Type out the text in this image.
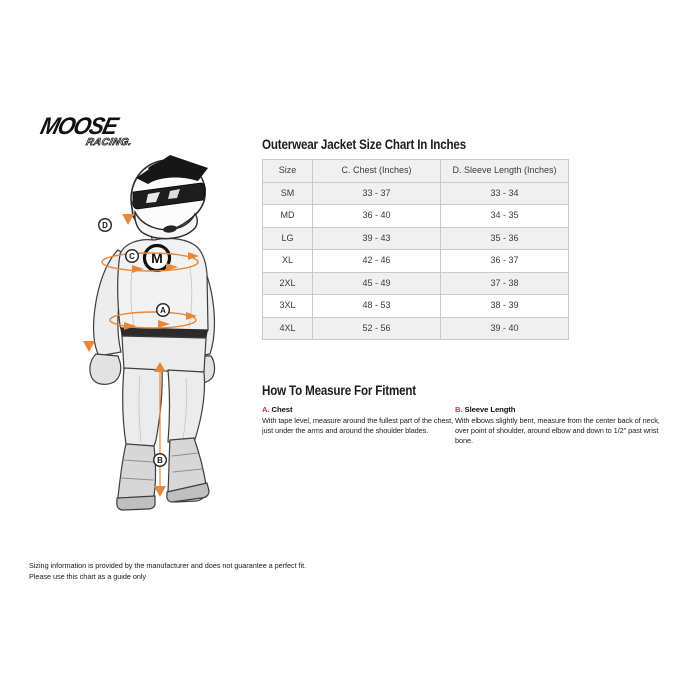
MOOSE
RACING.
M
D
C
A
B
Outerwear Jacket Size Chart In Inches
Size	C. Chest (Inches)	D. Sleeve Length (Inches)
SM	33 - 37	33 - 34
MD	36 - 40	34 - 35
LG	39 - 43	35 - 36
XL	42 - 46	36 - 37
2XL	45 - 49	37 - 38
3XL	48 - 53	38 - 39
4XL	52 - 56	39 - 40
How To Measure For Fitment
A. Chest
With tape level, measure around the fullest part of the chest, just under the arms and around the shoulder blades.
B. Sleeve Length
With elbows slightly bent, measure from the center back of neck, over point of shoulder, around elbow and down to 1/2" past wrist bone.
Sizing information is provided by the manufacturer and does not guarantee a perfect fit.
Please use this chart as a guide only
